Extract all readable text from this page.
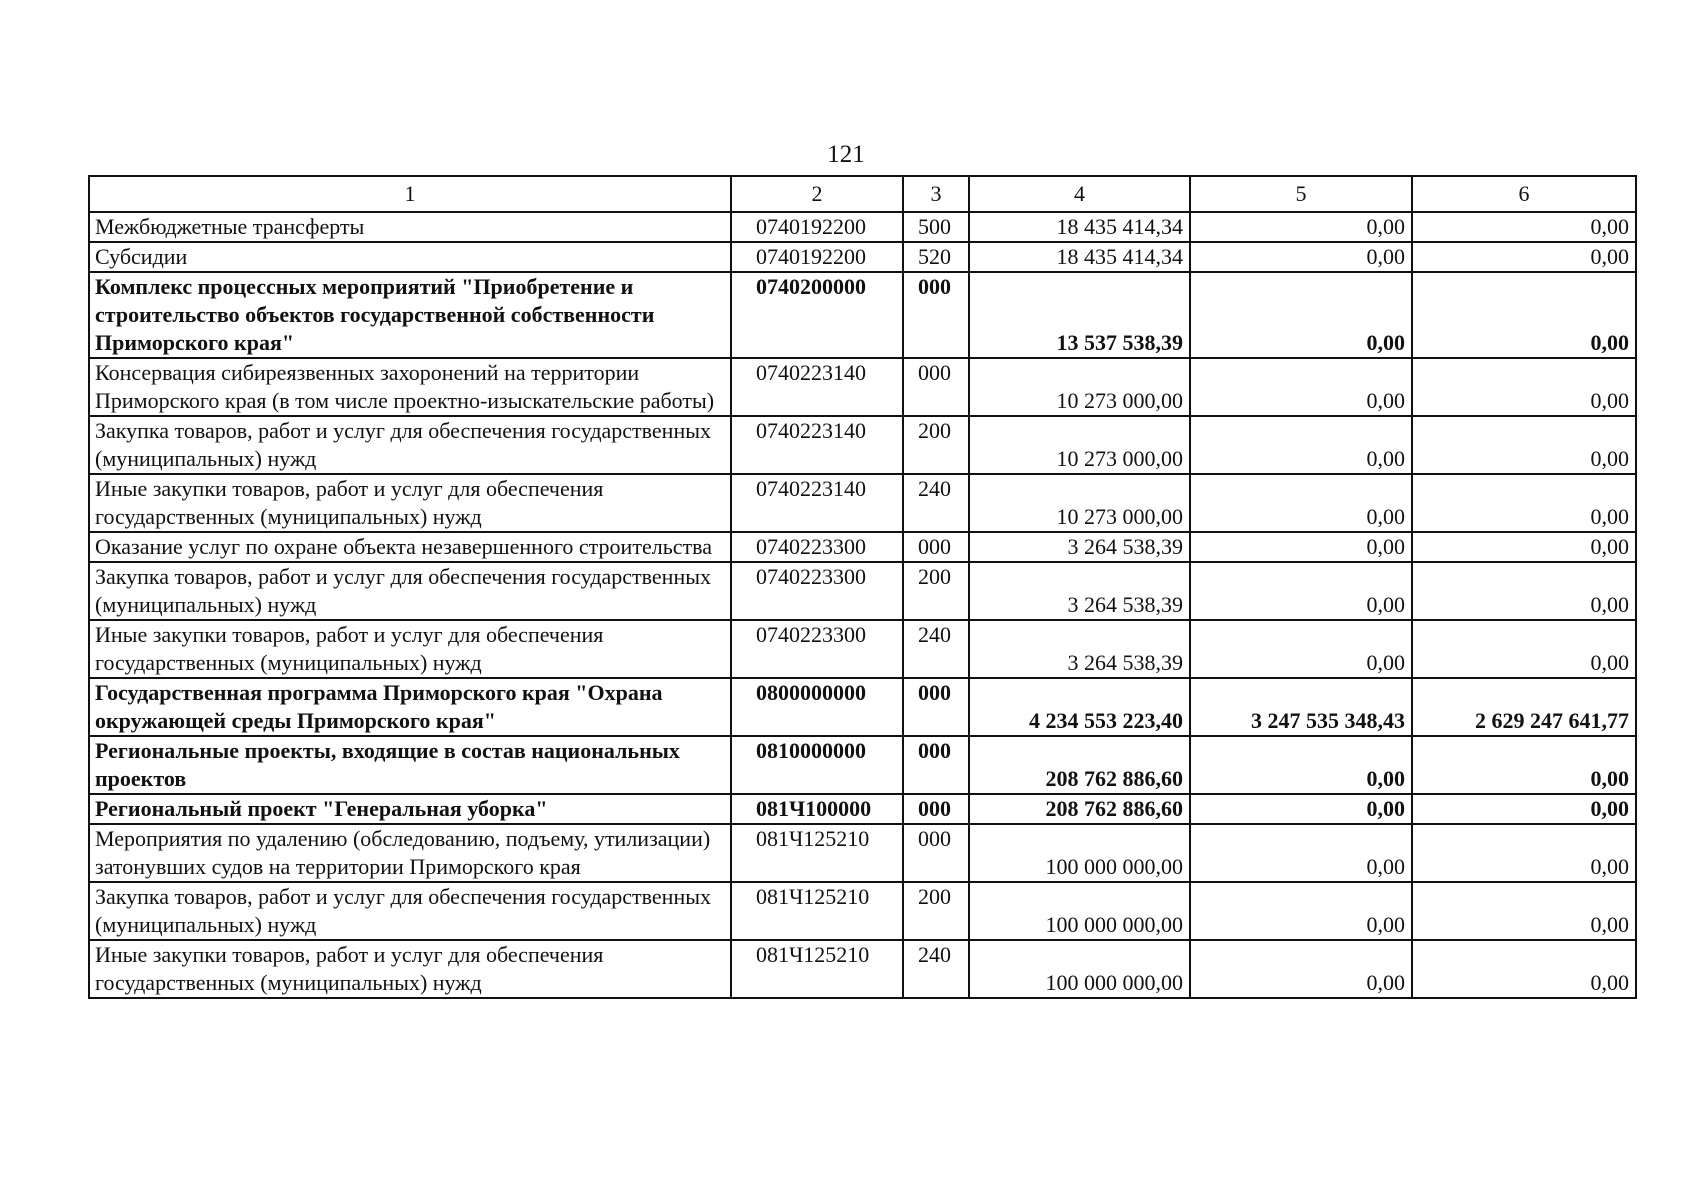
121
1	2	3	4	5	6
Межбюджетные трансферты	0740192200	500	18 435 414,34	0,00	0,00
Субсидии	0740192200	520	18 435 414,34	0,00	0,00
Комплекс процессных мероприятий "Приобретение и строительство объектов государственной собственности Приморского края"	0740200000	000	13 537 538,39	0,00	0,00
Консервация сибиреязвенных захоронений на территории Приморского края (в том числе проектно-изыскательские работы)	0740223140	000	10 273 000,00	0,00	0,00
Закупка товаров, работ и услуг для обеспечения государственных (муниципальных) нужд	0740223140	200	10 273 000,00	0,00	0,00
Иные закупки товаров, работ и услуг для обеспечения государственных (муниципальных) нужд	0740223140	240	10 273 000,00	0,00	0,00
Оказание услуг по охране объекта незавершенного строительства	0740223300	000	3 264 538,39	0,00	0,00
Закупка товаров, работ и услуг для обеспечения государственных (муниципальных) нужд	0740223300	200	3 264 538,39	0,00	0,00
Иные закупки товаров, работ и услуг для обеспечения государственных (муниципальных) нужд	0740223300	240	3 264 538,39	0,00	0,00
Государственная программа Приморского края "Охрана окружающей среды Приморского края"	0800000000	000	4 234 553 223,40	3 247 535 348,43	2 629 247 641,77
Региональные проекты, входящие в состав национальных проектов	0810000000	000	208 762 886,60	0,00	0,00
Региональный проект "Генеральная уборка"	081Ч100000	000	208 762 886,60	0,00	0,00
Мероприятия по удалению (обследованию, подъему, утилизации) затонувших судов на территории Приморского края	081Ч125210	000	100 000 000,00	0,00	0,00
Закупка товаров, работ и услуг для обеспечения государственных (муниципальных) нужд	081Ч125210	200	100 000 000,00	0,00	0,00
Иные закупки товаров, работ и услуг для обеспечения государственных (муниципальных) нужд	081Ч125210	240	100 000 000,00	0,00	0,00
